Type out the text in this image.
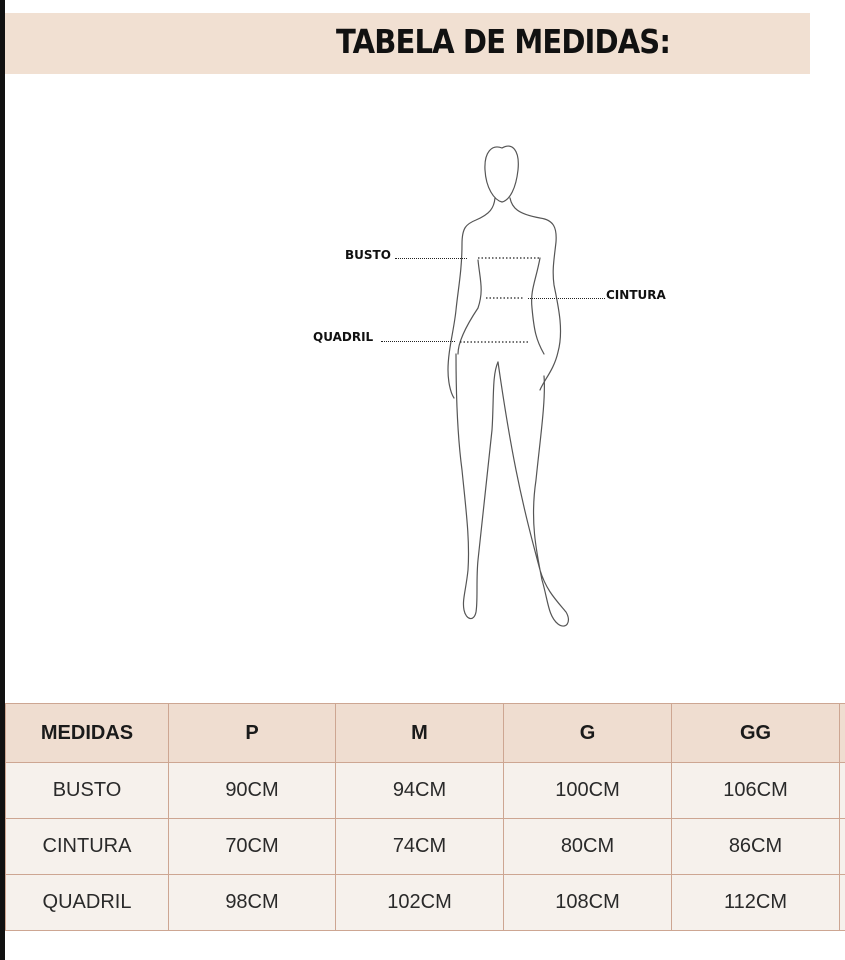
TABELA DE MEDIDAS:
BUSTO
CINTURA
QUADRIL
MEDIDAS	P	M	G	GG	
BUSTO	90CM	94CM	100CM	106CM	
CINTURA	70CM	74CM	80CM	86CM	
QUADRIL	98CM	102CM	108CM	112CM	
